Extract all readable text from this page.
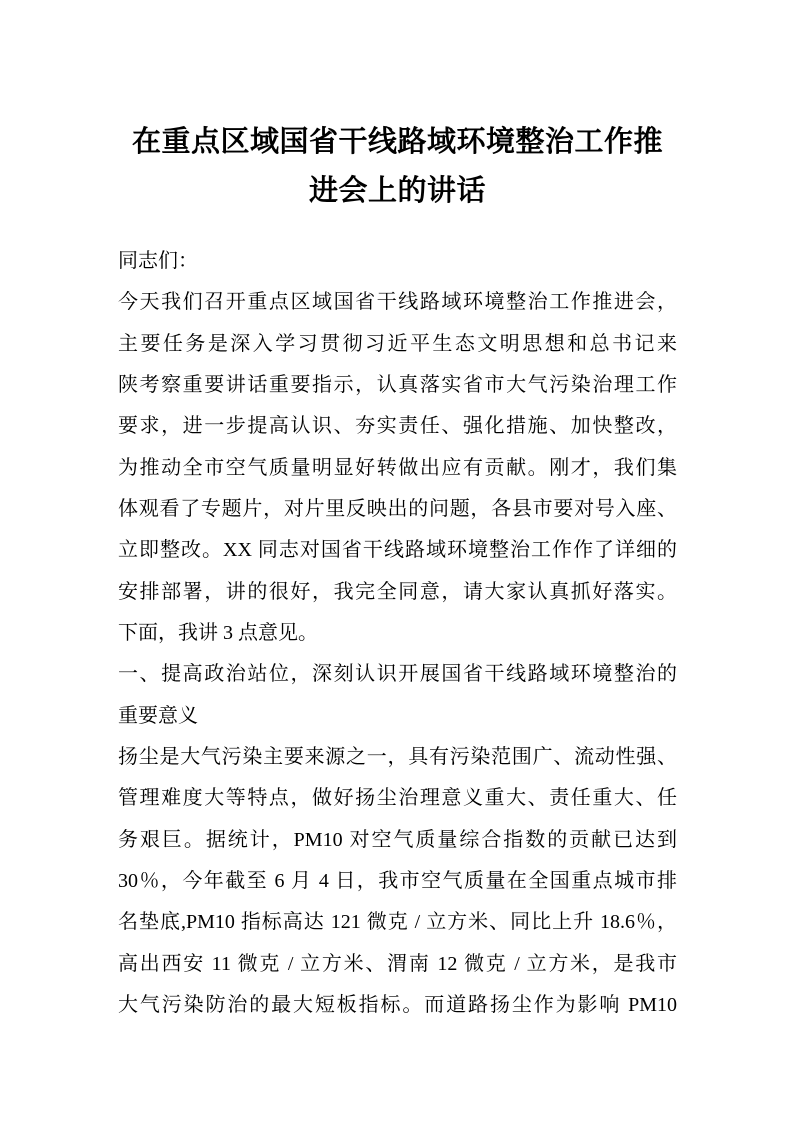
在重点区域国省干线路域环境整治工作推
进会上的讲话
同志们：
今天我们召开重点区域国省干线路域环境整治工作推进会，
主要任务是深入学习贯彻习近平生态文明思想和总书记来
陕考察重要讲话重要指示，认真落实省市大气污染治理工作
要求，进一步提高认识、夯实责任、强化措施、加快整改，
为推动全市空气质量明显好转做出应有贡献。刚才，我们集
体观看了专题片，对片里反映出的问题，各县市要对号入座、
立即整改。XX 同志对国省干线路域环境整治工作作了详细的
安排部署，讲的很好，我完全同意，请大家认真抓好落实。
下面，我讲 3 点意见。
一、提高政治站位，深刻认识开展国省干线路域环境整治的
重要意义
扬尘是大气污染主要来源之一，具有污染范围广、流动性强、
管理难度大等特点，做好扬尘治理意义重大、责任重大、任
务艰巨。据统计，PM10 对空气质量综合指数的贡献已达到
30％，今年截至 6 月 4 日，我市空气质量在全国重点城市排
名垫底,PM10 指标高达 121 微克 / 立方米、同比上升 18.6％，
高出西安 11 微克 / 立方米、渭南 12 微克 / 立方米，是我市
大气污染防治的最大短板指标。而道路扬尘作为影响 PM10
